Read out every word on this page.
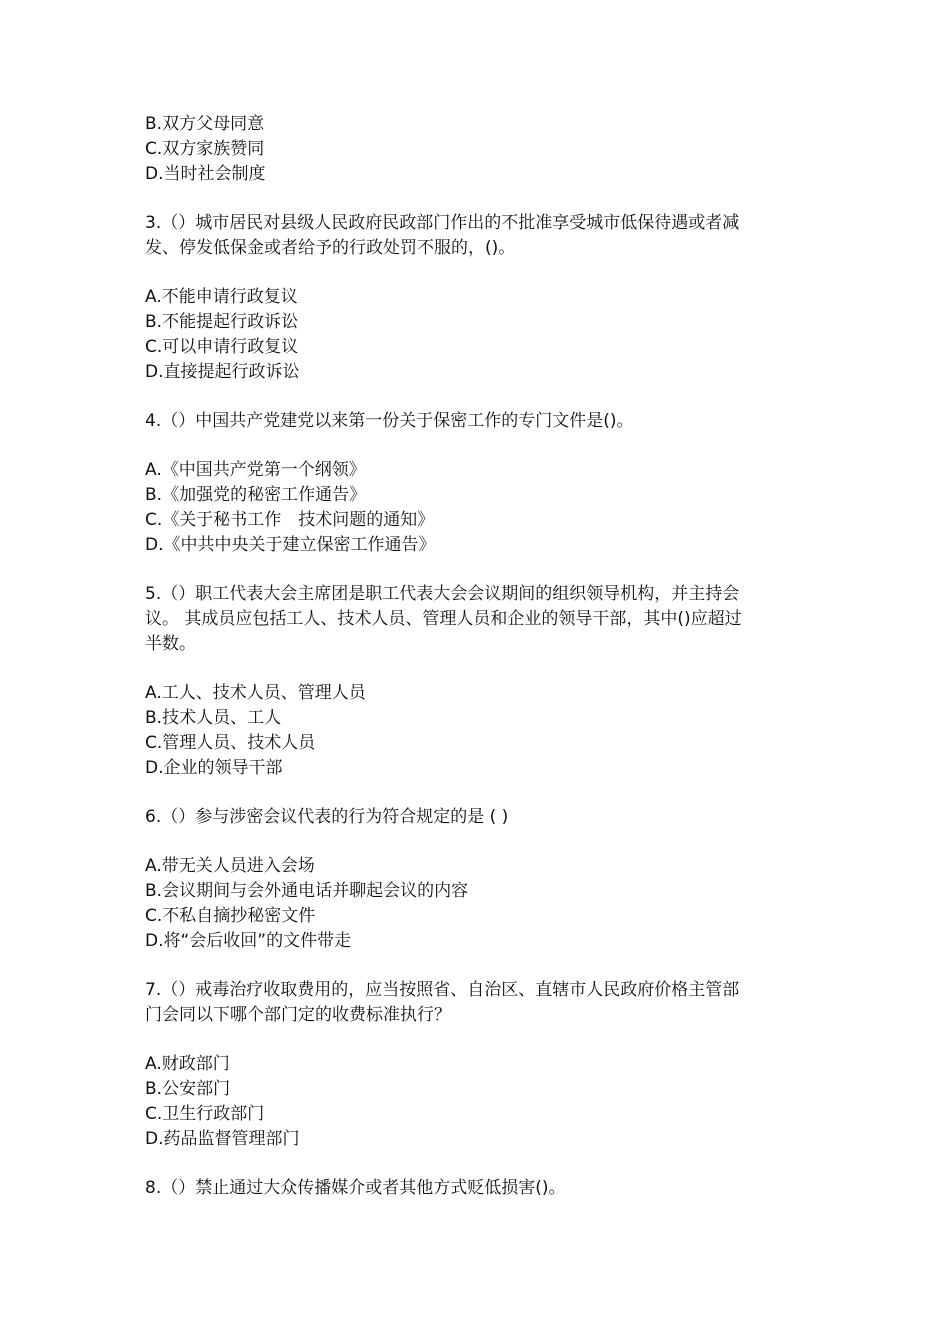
B.双方父母同意

C.双方家族赞同

D.当时社会制度

3.（）城市居民对县级人民政府民政部门作出的不批准享受城市低保待遇或者减

发、停发低保金或者给予的行政处罚不服的，()。

A.不能申请行政复议

B.不能提起行政诉讼

C.可以申请行政复议

D.直接提起行政诉讼

4.（）中国共产党建党以来第一份关于保密工作的专门文件是()。

A.《中国共产党第一个纲领》

B.《加强党的秘密工作通告》

C.《关于秘书工作　技术问题的通知》

D.《中共中央关于建立保密工作通告》

5.（）职工代表大会主席团是职工代表大会会议期间的组织领导机构，并主持会

议。 其成员应包括工人、技术人员、管理人员和企业的领导干部，其中()应超过

半数。

A.工人、技术人员、管理人员

B.技术人员、工人

C.管理人员、技术人员

D.企业的领导干部

6.（）参与涉密会议代表的行为符合规定的是 ( )

A.带无关人员进入会场

B.会议期间与会外通电话并聊起会议的内容

C.不私自摘抄秘密文件

D.将“会后收回”的文件带走

7.（）戒毒治疗收取费用的，应当按照省、自治区、直辖市人民政府价格主管部

门会同以下哪个部门定的收费标准执行？

A.财政部门

B.公安部门

C.卫生行政部门

D.药品监督管理部门

8.（）禁止通过大众传播媒介或者其他方式贬低损害()。
